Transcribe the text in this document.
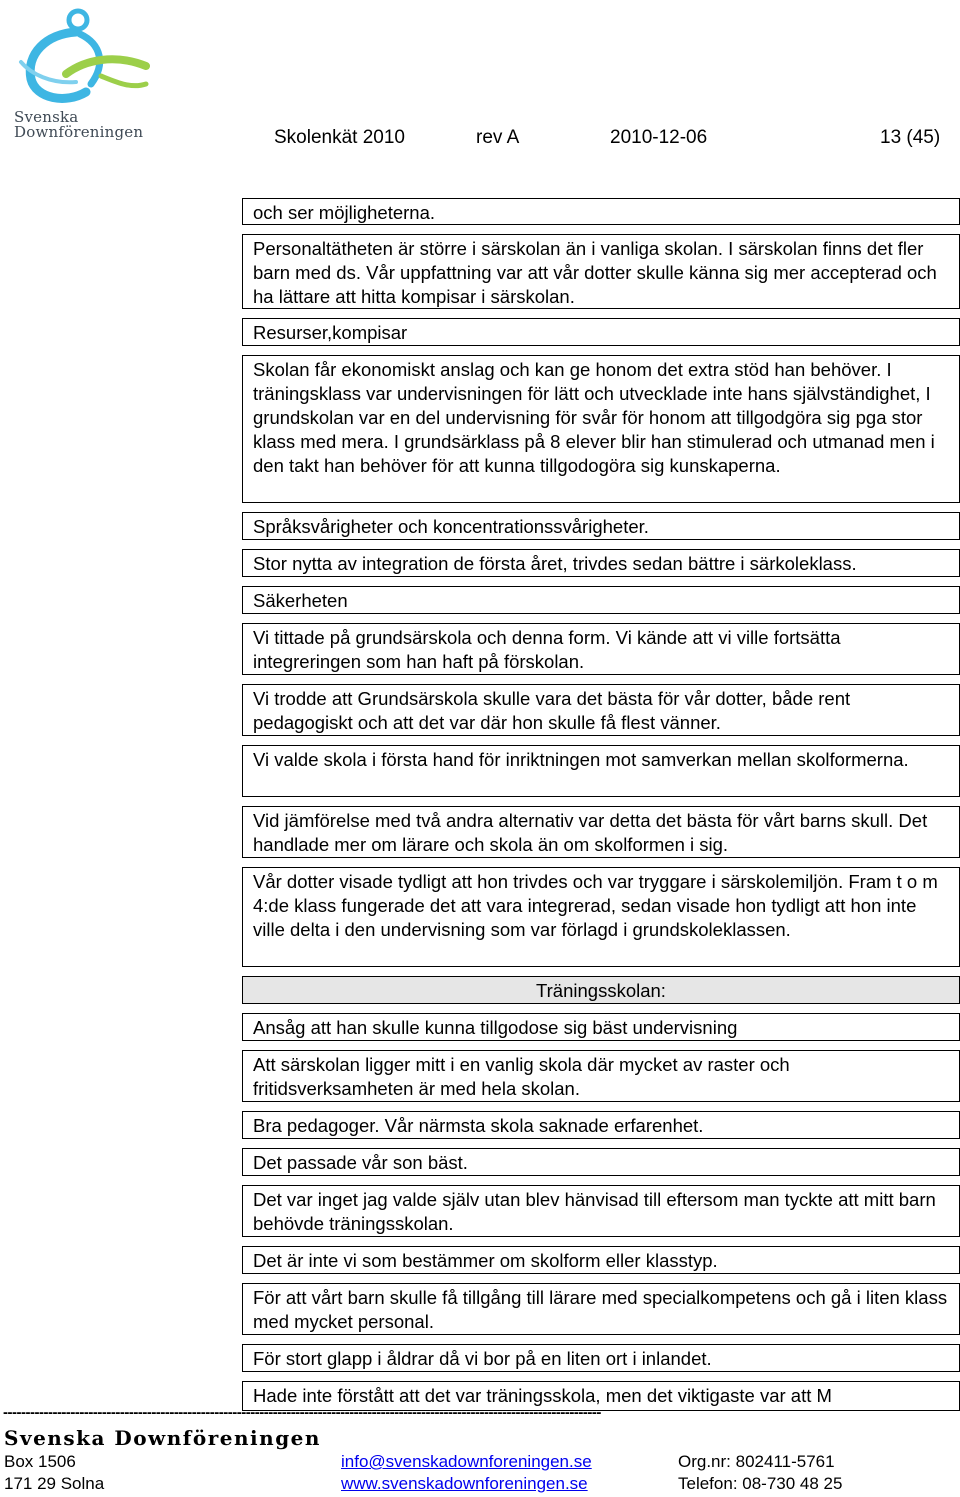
Svenska
Downföreningen	Skolenkät 2010	rev A	2010-12-06	13 (45)
och ser möjligheterna.
Personaltätheten är större i särskolan än i vanliga skolan. I särskolan finns det fler barn med ds. Vår uppfattning var att vår dotter skulle känna sig mer accepterad och ha lättare att hitta kompisar i särskolan.
Resurser,kompisar
Skolan får ekonomiskt anslag och kan ge honom det extra stöd han behöver. I träningsklass var undervisningen för lätt och utvecklade inte hans självständighet, I grundskolan var en del undervisning för svår för honom att tillgodgöra sig pga stor klass med mera. I grundsärklass på 8 elever blir han stimulerad och utmanad men i den takt han behöver för att kunna tillgodogöra sig kunskaperna.
Språksvårigheter och koncentrationssvårigheter.
Stor nytta av integration de första året, trivdes sedan bättre i särkoleklass.
Säkerheten
Vi tittade på grundsärskola och denna form. Vi kände att vi ville fortsätta integreringen som han haft på förskolan.
Vi trodde att Grundsärskola skulle vara det bästa för vår dotter, både rent pedagogiskt och att det var där hon skulle få flest vänner.
Vi valde skola i första hand för inriktningen mot samverkan mellan skolformerna.
Vid jämförelse med två andra alternativ var detta det bästa för vårt barns skull. Det handlade mer om lärare och skola än om skolformen i sig.
Vår dotter visade tydligt att hon trivdes och var tryggare i särskolemiljön. Fram t o m 4:de klass fungerade det att vara integrerad, sedan visade hon tydligt att hon inte ville delta i den undervisning som var förlagd i grundskoleklassen.
Träningsskolan:
Ansåg att han skulle kunna tillgodose sig bäst undervisning
Att särskolan ligger mitt i en vanlig skola där mycket av raster och fritidsverksamheten är med hela skolan.
Bra pedagoger. Vår närmsta skola saknade erfarenhet.
Det passade vår son bäst.
Det var inget jag valde själv utan blev hänvisad till eftersom man tyckte att mitt barn behövde träningsskolan.
Det är inte vi som bestämmer om skolform eller klasstyp.
För att vårt barn skulle få tillgång till lärare med specialkompetens och gå i liten klass med mycket personal.
För stort glapp i åldrar då vi bor på en liten ort i inlandet.
Hade inte förstått att det var träningsskola, men det viktigaste var att M
-------------------------------------------------------------------------------------------------------------------------------------
Svenska Downföreningen
Box 1506
171 29 Solna
info@svenskadownforeningen.se
www.svenskadownforeningen.se
Org.nr: 802411-5761
Telefon: 08-730 48 25
